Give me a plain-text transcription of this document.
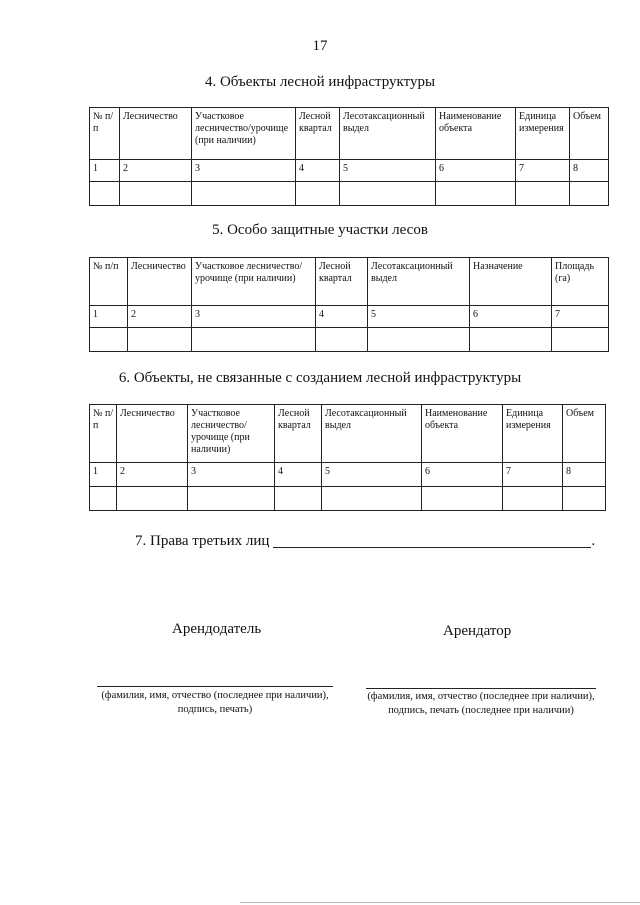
17
4. Объекты лесной инфраструктуры
№ п/п	Лесничество	Участковое лесничество/урочище (при наличии)	Лесной квартал	Лесотаксационный выдел	Наименование объекта	Единица измерения	Объем
1	2	3	4	5	6	7	8

5. Особо защитные участки лесов
№ п/п	Лесничество	Участковое лесничество/урочище (при наличии)	Лесной квартал	Лесотаксационный выдел	Назначение	Площадь (га)
1	2	3	4	5	6	7

6. Объекты, не связанные с созданием лесной инфраструктуры
№ п/п	Лесничество	Участковое лесничество/ урочище (при наличии)	Лесной квартал	Лесотаксационный выдел	Наименование объекта	Единица измерения	Объем
1	2	3	4	5	6	7	8

7. Права третьих лиц	.
Арендодатель	Арендатор
(фамилия, имя, отчество (последнее при наличии),
подпись, печать)
(фамилия, имя, отчество (последнее при наличии),
подпись, печать (последнее при наличии)
